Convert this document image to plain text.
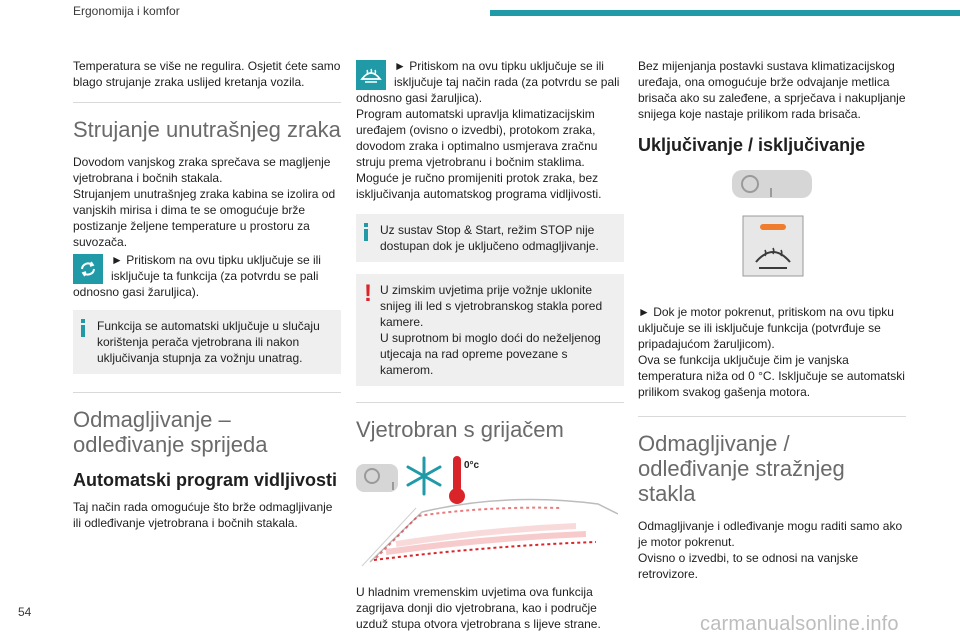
Ergonomija i komfor

Temperatura se više ne regulira. Osjetit ćete samo blago strujanje zraka uslijed kretanja vozila.

Strujanje unutrašnjeg zraka

Dovodom vanjskog zraka sprečava se magljenje vjetrobrana i bočnih stakala.

Strujanjem unutrašnjeg zraka kabina se izolira od vanjskih mirisa i dima te se omogućuje brže postizanje željene temperature u prostoru za suvozača.

► Pritiskom na ovu tipku uključuje se ili isključuje ta funkcija (za potvrdu se pali odnosno gasi žaruljica).

Funkcija se automatski uključuje u slučaju korištenja perača vjetrobrana ili nakon uključivanja stupnja za vožnju unatrag.

Odmagljivanje – odleđivanje sprijeda
Automatski program vidljivosti

Taj način rada omogućuje što brže odmagljivanje ili odleđivanje vjetrobrana i bočnih stakala.

► Pritiskom na ovu tipku uključuje se ili isključuje taj način rada (za potvrdu se pali odnosno gasi žaruljica).

Program automatski upravlja klimatizacijskim uređajem (ovisno o izvedbi), protokom zraka, dovodom zraka i optimalno usmjerava zračnu struju prema vjetrobranu i bočnim staklima. Moguće je ručno promijeniti protok zraka, bez isključivanja automatskog programa vidljivosti.

Uz sustav Stop & Start, režim STOP nije dostupan dok je uključeno odmagljivanje.

! U zimskim uvjetima prije vožnje uklonite snijeg ili led s vjetrobranskog stakla pored kamere.

U suprotnom bi moglo doći do neželjenog utjecaja na rad opreme povezane s kamerom.

Vjetrobran s grijačem
0°c

U hladnim vremenskim uvjetima ova funkcija zagrijava donji dio vjetrobrana, kao i područje uzduž stupa otvora vjetrobrana s lijeve strane.

Bez mijenjanja postavki sustava klimatizacijskog uređaja, ona omogućuje brže odvajanje metlica brisača ako su zaleđene, a sprječava i nakupljanje snijega koje nastaje prilikom rada brisača.

Uključivanje / isključivanje

► Dok je motor pokrenut, pritiskom na ovu tipku uključuje se ili isključuje funkcija (potvrđuje se pripadajućom žaruljicom).

Ova se funkcija uključuje čim je vanjska temperatura niža od 0 °C. Isključuje se automatski prilikom svakog gašenja motora.

Odmagljivanje / odleđivanje stražnjeg stakla

Odmagljivanje i odleđivanje mogu raditi samo ako je motor pokrenut.

Ovisno o izvedbi, to se odnosi na vanjske retrovizore.

54
carmanualsonline.info
